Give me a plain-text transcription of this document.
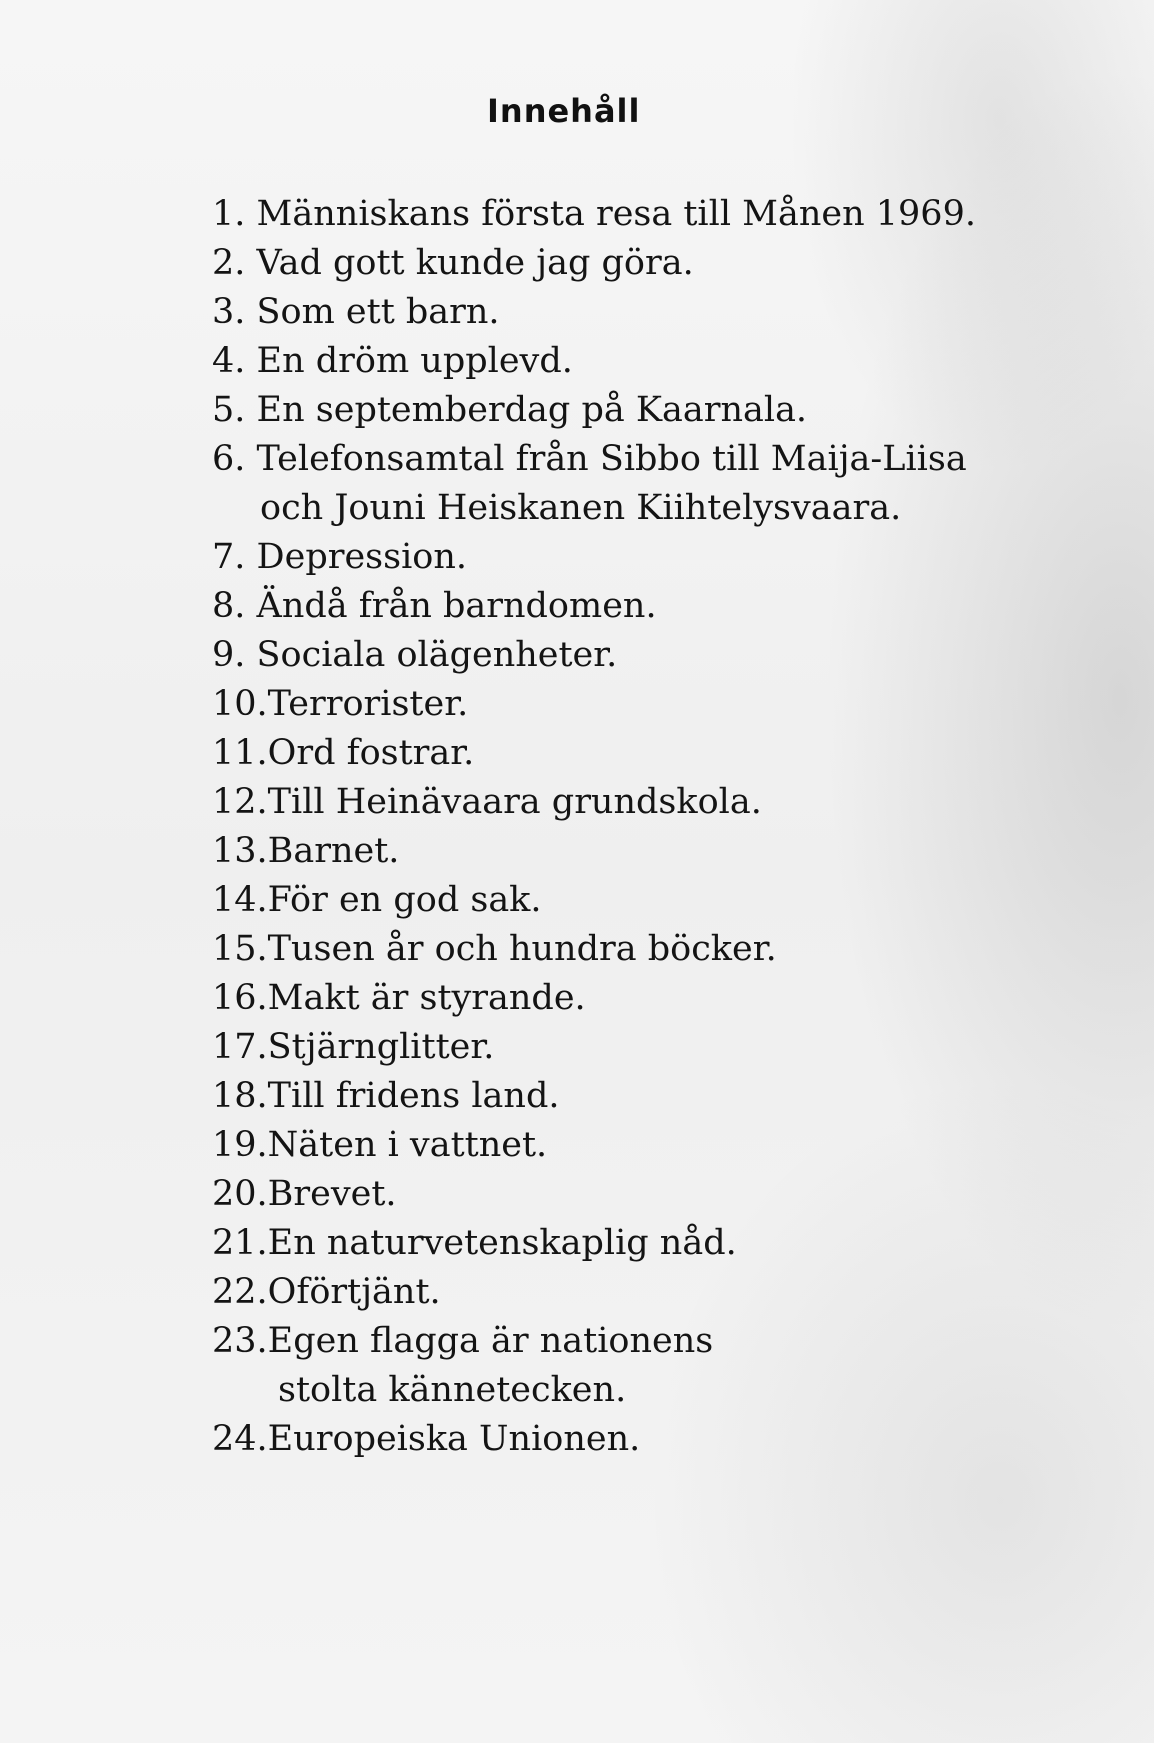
Innehåll
1. Människans första resa till Månen 1969.
2. Vad gott kunde jag göra.
3. Som ett barn.
4. En dröm upplevd.
5. En septemberdag på Kaarnala.
6. Telefonsamtal från Sibbo till Maija-Liisa
och Jouni Heiskanen Kiihtelysvaara.
7. Depression.
8. Ändå från barndomen.
9. Sociala olägenheter.
10.Terrorister.
11.Ord fostrar.
12.Till Heinävaara grundskola.
13.Barnet.
14.För en god sak.
15.Tusen år och hundra böcker.
16.Makt är styrande.
17.Stjärnglitter.
18.Till fridens land.
19.Näten i vattnet.
20.Brevet.
21.En naturvetenskaplig nåd.
22.Oförtjänt.
23.Egen flagga är nationens
stolta kännetecken.
24.Europeiska Unionen.
